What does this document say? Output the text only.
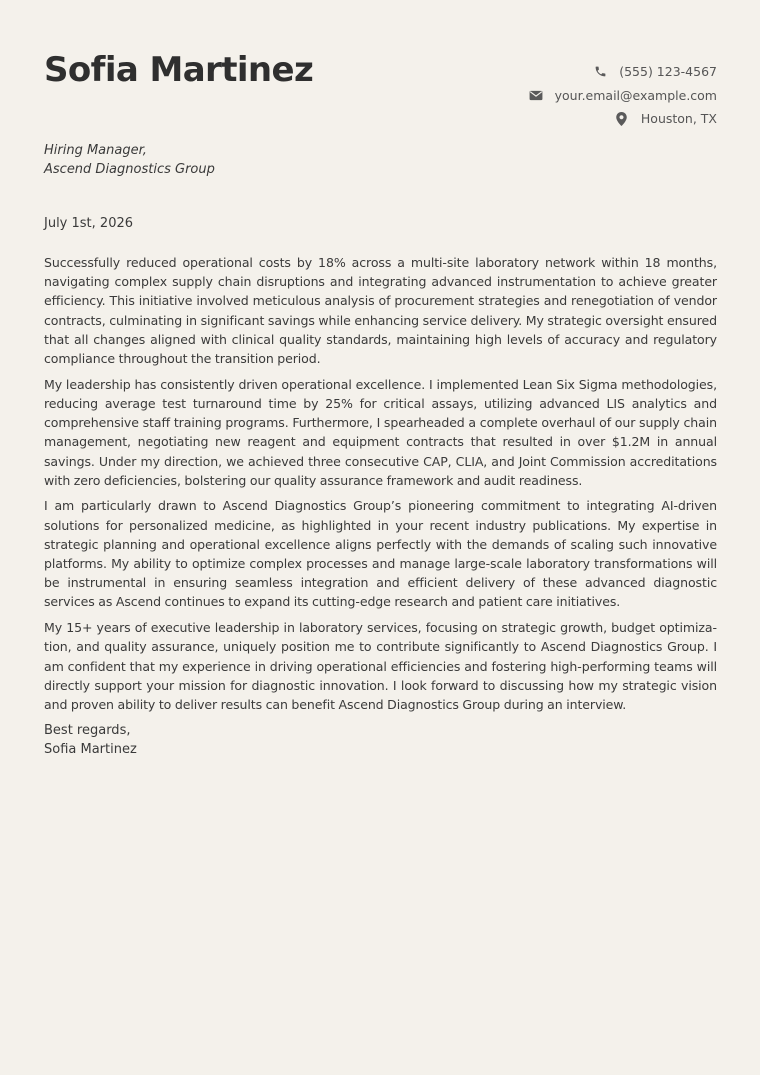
Sofia Martinez	(555) 123-4567
your.email@example.com
Houston, TX
Hiring Manager,
Ascend Diagnostics Group
July 1st, 2026

Successfully reduced operational costs by 18% across a multi-site laboratory network within 18 months, navigating complex supply chain disruptions and integrating advanced instrumentation to achieve greater efficiency. This initiative involved meticulous analysis of procurement strategies and renegotiation of vendor contracts, culminating in significant savings while enhancing service delivery. My strategic oversight ensured that all changes aligned with clinical quality standards, maintaining high levels of accuracy and regulatory compliance throughout the transition period.

My leadership has consistently driven operational excellence. I implemented Lean Six Sigma methodologies, reducing average test turnaround time by 25% for critical assays, utilizing advanced LIS analytics and comprehensive staff training programs. Furthermore, I spearheaded a complete overhaul of our supply chain management, negotiating new reagent and equipment contracts that resulted in over $1.2M in annual savings. Under my direction, we achieved three consecutive CAP, CLIA, and Joint Commission accreditations with zero deficiencies, bolstering our quality assurance framework and audit readiness.

I am particularly drawn to Ascend Diagnostics Group’s pioneering commitment to integrating AI-driven solutions for personalized medicine, as highlighted in your recent industry publications. My expertise in strategic planning and operational excellence aligns perfectly with the demands of scaling such innovative platforms. My ability to optimize complex processes and manage large-scale laboratory transformations will be instrumental in ensuring seamless integration and efficient delivery of these advanced diagnostic services as Ascend continues to expand its cutting-edge research and patient care initiatives.

My 15+ years of executive leadership in laboratory services, focusing on strategic growth, budget optimization, and quality assurance, uniquely position me to contribute significantly to Ascend Diagnostics Group. I am confident that my experience in driving operational efficiencies and fostering high-performing teams will directly support your mission for diagnostic innovation. I look forward to discussing how my strategic vision and proven ability to deliver results can benefit Ascend Diagnostics Group during an interview.

Best regards,
Sofia Martinez
